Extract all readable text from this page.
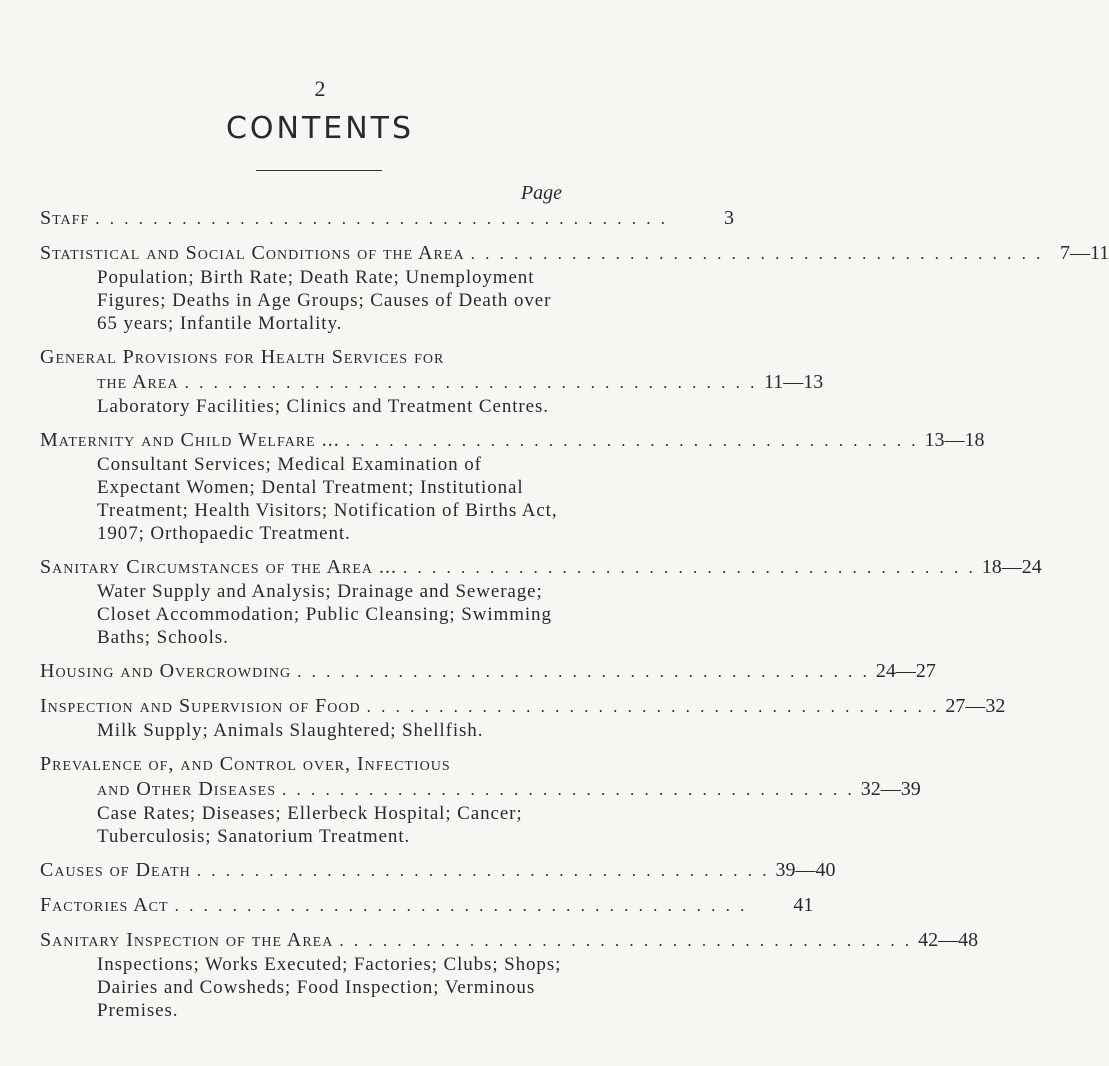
2
CONTENTS
Page
Staff . . . . . . . . . . . . . . . . . . . . . . . . . . . . . . . . . . . . . . . .	3
Statistical and Social Conditions of the Area . . . . . . . . . . . . . . . . . . . . . . . . . . . . . . . . . . . . . . . . 7—11
Population; Birth Rate; Death Rate; Unemployment Figures; Deaths in Age Groups; Causes of Death over 65 years; Infantile Mortality.
General Provisions for Health Services for
the Area . . . . . . . . . . . . . . . . . . . . . . . . . . . . . . . . . . . . . . . . 11—13
Laboratory Facilities; Clinics and Treatment Centres.
Maternity and Child Welfare ... . . . . . . . . . . . . . . . . . . . . . . . . . . . . . . . . . . . . . . . . 13—18
Consultant Services; Medical Examination of Expectant Women; Dental Treatment; Institutional Treatment; Health Visitors; Notification of Births Act, 1907; Orthopaedic Treatment.
Sanitary Circumstances of the Area ... . . . . . . . . . . . . . . . . . . . . . . . . . . . . . . . . . . . . . . . . 18—24
Water Supply and Analysis; Drainage and Sewerage; Closet Accommodation; Public Cleansing; Swimming Baths; Schools.
Housing and Overcrowding . . . . . . . . . . . . . . . . . . . . . . . . . . . . . . . . . . . . . . . . 24—27
Inspection and Supervision of Food . . . . . . . . . . . . . . . . . . . . . . . . . . . . . . . . . . . . . . . . 27—32
Milk Supply; Animals Slaughtered; Shellfish.
Prevalence of, and Control over, Infectious
and Other Diseases . . . . . . . . . . . . . . . . . . . . . . . . . . . . . . . . . . . . . . . . 32—39
Case Rates; Diseases; Ellerbeck Hospital; Cancer; Tuberculosis; Sanatorium Treatment.
Causes of Death . . . . . . . . . . . . . . . . . . . . . . . . . . . . . . . . . . . . . . . . 39—40
Factories Act . . . . . . . . . . . . . . . . . . . . . . . . . . . . . . . . . . . . . . . .	41
Sanitary Inspection of the Area . . . . . . . . . . . . . . . . . . . . . . . . . . . . . . . . . . . . . . . . 42—48
Inspections; Works Executed; Factories; Clubs; Shops; Dairies and Cowsheds; Food Inspection; Verminous Premises.
